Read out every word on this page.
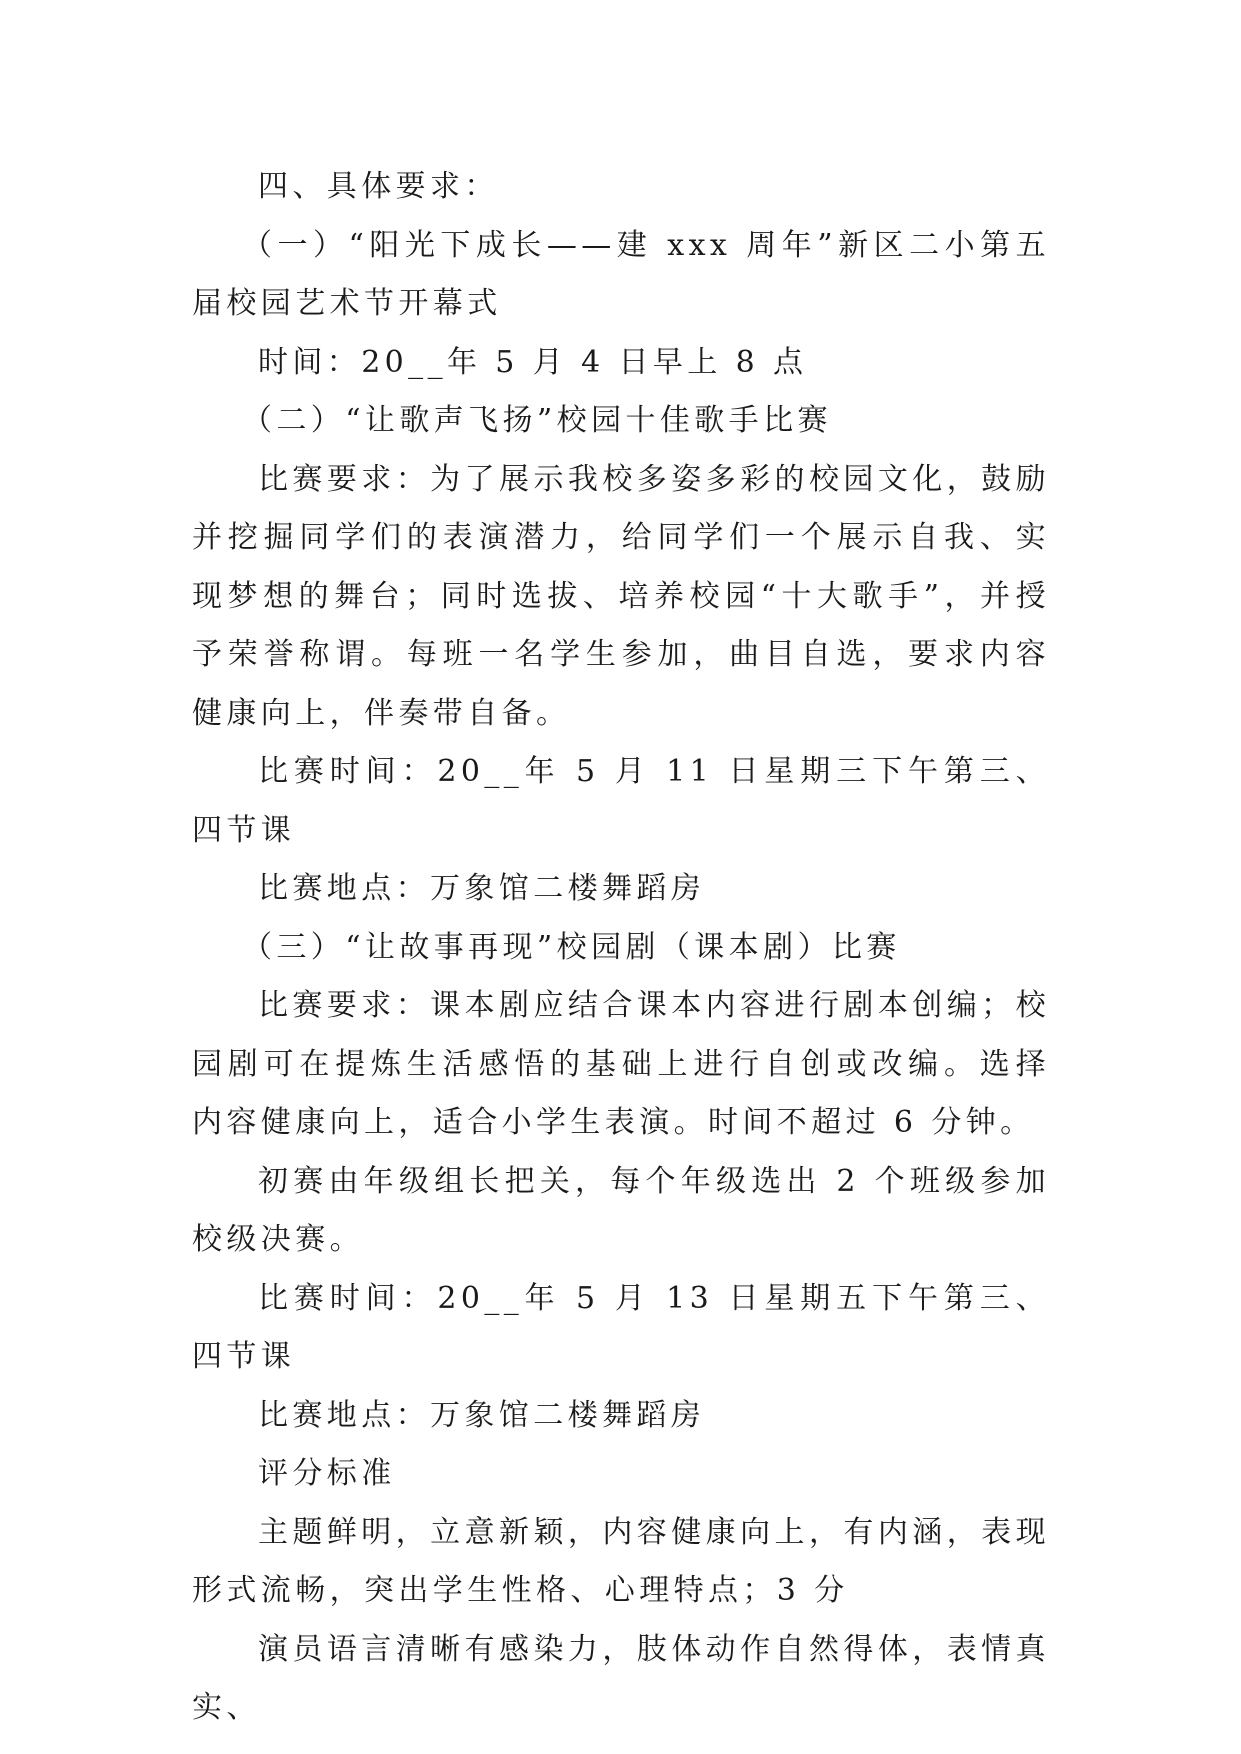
四、具体要求：

（一）“阳光下成长——建 xxx 周年”新区二小第五届校园艺术节开幕式

时间：20__年 5 月 4 日早上 8 点

（二）“让歌声飞扬”校园十佳歌手比赛

比赛要求：为了展示我校多姿多彩的校园文化，鼓励并挖掘同学们的表演潜力，给同学们一个展示自我、实现梦想的舞台；同时选拔、培养校园“十大歌手”，并授予荣誉称谓。每班一名学生参加，曲目自选，要求内容健康向上，伴奏带自备。

比赛时间：20__年 5 月 11 日星期三下午第三、四节课

比赛地点：万象馆二楼舞蹈房

（三）“让故事再现”校园剧（课本剧）比赛

比赛要求：课本剧应结合课本内容进行剧本创编；校园剧可在提炼生活感悟的基础上进行自创或改编。选择内容健康向上，适合小学生表演。时间不超过 6 分钟。

初赛由年级组长把关，每个年级选出 2 个班级参加校级决赛。

比赛时间：20__年 5 月 13 日星期五下午第三、四节课

比赛地点：万象馆二楼舞蹈房

评分标准

主题鲜明，立意新颖，内容健康向上，有内涵，表现形式流畅，突出学生性格、心理特点；3 分

演员语言清晰有感染力，肢体动作自然得体，表情真实、
